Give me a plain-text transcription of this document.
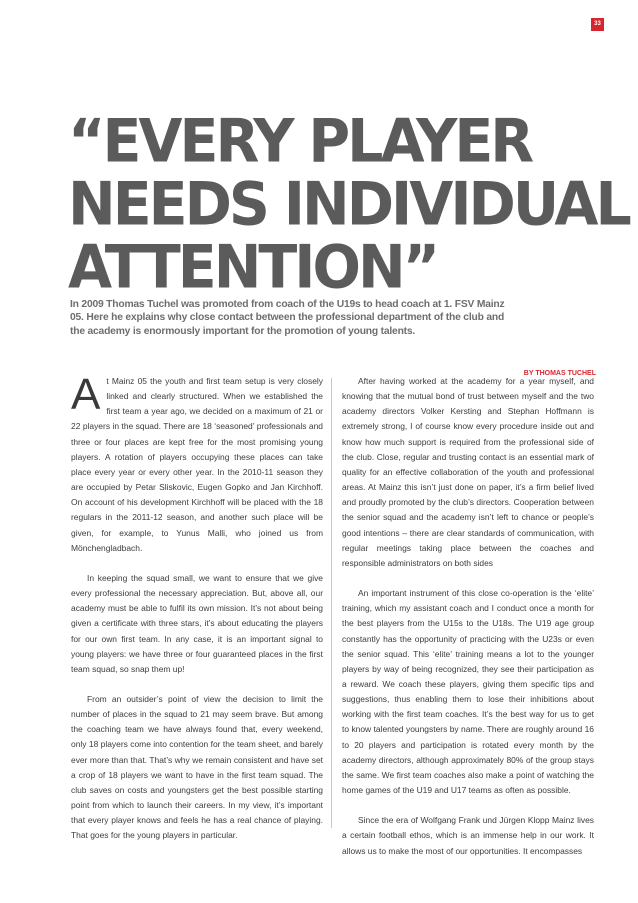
33
“EVERY PLAYER
NEEDS INDIVIDUAL
ATTENTION”
In 2009 Thomas Tuchel was promoted from coach of the U19s to head coach at 1. FSV Mainz 05. Here he explains why close contact between the professional department of the club and the academy is enormously important for the promotion of young talents.
BY THOMAS TUCHEL

At Mainz 05 the youth and first team setup is very closely linked and clearly structured. When we established the first team a year ago, we decided on a maximum of 21 or 22 players in the squad. There are 18 ‘seasoned’ professionals and three or four places are kept free for the most promising young players. A rotation of players occupying these places can take place every year or every other year. In the 2010-11 season they are occupied by Petar Sliskovic, Eugen Gopko and Jan Kirchhoff. On account of his development Kirchhoff will be placed with the 18 regulars in the 2011-12 season, and another such place will be given, for example, to Yunus Malli, who joined us from Mönchengladbach.

In keeping the squad small, we want to ensure that we give every professional the necessary appreciation. But, above all, our academy must be able to fulfil its own mission. It’s not about being given a certificate with three stars, it’s about educating the players for our own first team. In any case, it is an important signal to young players: we have three or four guaranteed places in the first team squad, so snap them up!

From an outsider’s point of view the decision to limit the number of places in the squad to 21 may seem brave. But among the coaching team we have always found that, every weekend, only 18 players come into contention for the team sheet, and barely ever more than that. That’s why we remain consistent and have set a crop of 18 players we want to have in the first team squad. The club saves on costs and youngsters get the best possible starting point from which to launch their careers. In my view, it’s important that every player knows and feels he has a real chance of playing. That goes for the young players in particular.

After having worked at the academy for a year myself, and knowing that the mutual bond of trust between myself and the two academy directors Volker Kersting and Stephan Hoffmann is extremely strong, I of course know every procedure inside out and know how much support is required from the professional side of the club. Close, regular and trusting contact is an essential mark of quality for an effective collaboration of the youth and professional areas. At Mainz this isn’t just done on paper, it’s a firm belief lived and proudly promoted by the club’s directors. Cooperation between the senior squad and the academy isn’t left to chance or people’s good intentions – there are clear standards of communication, with regular meetings taking place between the coaches and responsible administrators on both sides

An important instrument of this close co-operation is the ‘elite’ training, which my assistant coach and I conduct once a month for the best players from the U15s to the U18s. The U19 age group constantly has the opportunity of practicing with the U23s or even the senior squad. This ‘elite’ training means a lot to the younger players by way of being recognized, they see their participation as a reward. We coach these players, giving them specific tips and suggestions, thus enabling them to lose their inhibitions about working with the first team coaches. It’s the best way for us to get to know talented youngsters by name. There are roughly around 16 to 20 players and participation is rotated every month by the academy directors, although approximately 80% of the group stays the same. We first team coaches also make a point of watching the home games of the U19 and U17 teams as often as possible.

Since the era of Wolfgang Frank und Jürgen Klopp Mainz lives a certain football ethos, which is an immense help in our work. It allows us to make the most of our opportunities. It encompasses
